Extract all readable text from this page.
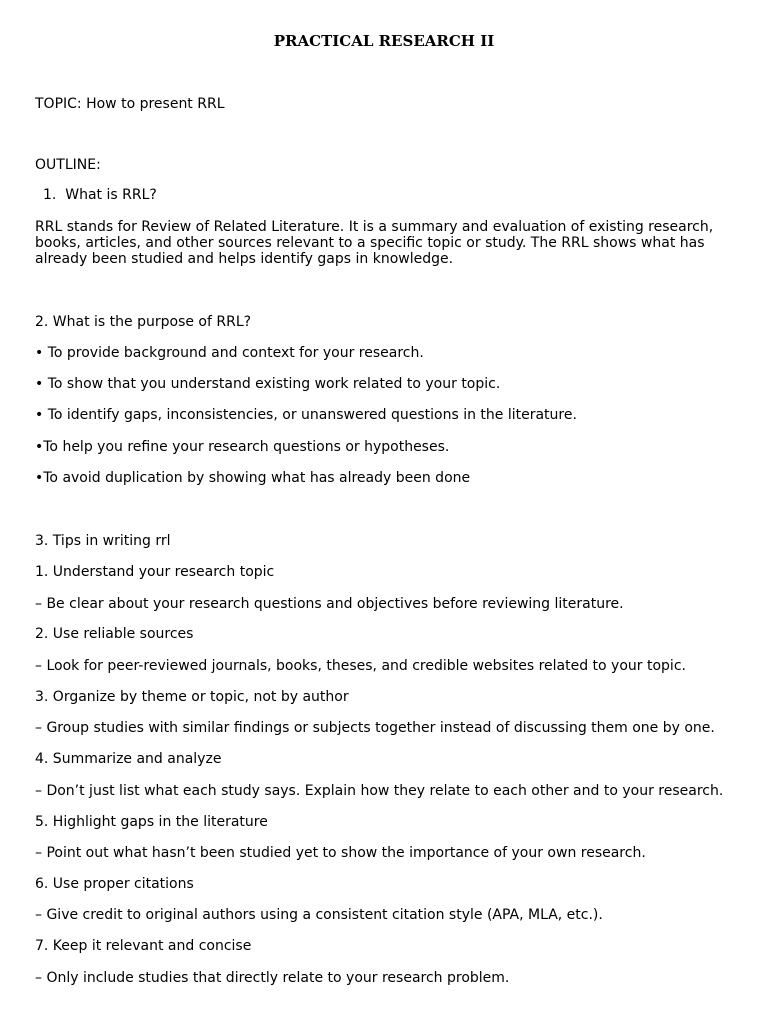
PRACTICAL RESEARCH II
TOPIC: How to present RRL
OUTLINE:
1. What is RRL?

RRL stands for Review of Related Literature. It is a summary and evaluation of existing research, books, articles, and other sources relevant to a specific topic or study. The RRL shows what has already been studied and helps identify gaps in knowledge.

2. What is the purpose of RRL?
• To provide background and context for your research.
• To show that you understand existing work related to your topic.
• To identify gaps, inconsistencies, or unanswered questions in the literature.
•To help you refine your research questions or hypotheses.
•To avoid duplication by showing what has already been done
3. Tips in writing rrl
1. Understand your research topic
– Be clear about your research questions and objectives before reviewing literature.
2. Use reliable sources
– Look for peer-reviewed journals, books, theses, and credible websites related to your topic.
3. Organize by theme or topic, not by author
– Group studies with similar findings or subjects together instead of discussing them one by one.
4. Summarize and analyze
– Don’t just list what each study says. Explain how they relate to each other and to your research.
5. Highlight gaps in the literature
– Point out what hasn’t been studied yet to show the importance of your own research.
6. Use proper citations
– Give credit to original authors using a consistent citation style (APA, MLA, etc.).
7. Keep it relevant and concise
– Only include studies that directly relate to your research problem.
